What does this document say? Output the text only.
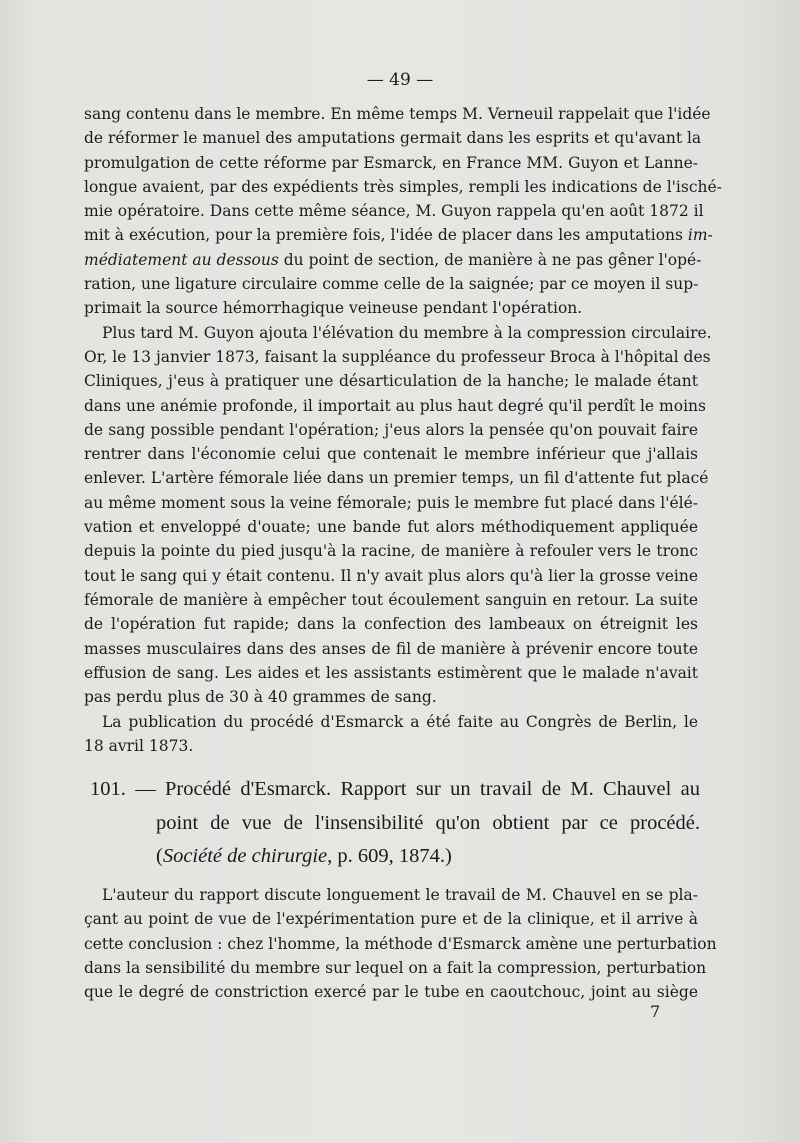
— 49 —
sang contenu dans le membre. En même temps M. Verneuil rappelait que l'idée
de réformer le manuel des amputations germait dans les esprits et qu'avant la
promulgation de cette réforme par Esmarck, en France MM. Guyon et Lanne-
longue avaient, par des expédients très simples, rempli les indications de l'isché-
mie opératoire. Dans cette même séance, M. Guyon rappela qu'en août 1872 il
mit à exécution, pour la première fois, l'idée de placer dans les amputations im-
médiatement au dessous du point de section, de manière à ne pas gêner l'opé-
ration, une ligature circulaire comme celle de la saignée; par ce moyen il sup-
primait la source hémorrhagique veineuse pendant l'opération.
Plus tard M. Guyon ajouta l'élévation du membre à la compression circulaire.
Or, le 13 janvier 1873, faisant la suppléance du professeur Broca à l'hôpital des
Cliniques, j'eus à pratiquer une désarticulation de la hanche; le malade étant
dans une anémie profonde, il importait au plus haut degré qu'il perdît le moins
de sang possible pendant l'opération; j'eus alors la pensée qu'on pouvait faire
rentrer dans l'économie celui que contenait le membre inférieur que j'allais
enlever. L'artère fémorale liée dans un premier temps, un fil d'attente fut placé
au même moment sous la veine fémorale; puis le membre fut placé dans l'élé-
vation et enveloppé d'ouate; une bande fut alors méthodiquement appliquée
depuis la pointe du pied jusqu'à la racine, de manière à refouler vers le tronc
tout le sang qui y était contenu. Il n'y avait plus alors qu'à lier la grosse veine
fémorale de manière à empêcher tout écoulement sanguin en retour. La suite
de l'opération fut rapide; dans la confection des lambeaux on étreignit les
masses musculaires dans des anses de fil de manière à prévenir encore toute
effusion de sang. Les aides et les assistants estimèrent que le malade n'avait
pas perdu plus de 30 à 40 grammes de sang.
La publication du procédé d'Esmarck a été faite au Congrès de Berlin, le
18 avril 1873.
101. — Procédé d'Esmarck. Rapport sur un travail de M. Chauvel au
point de vue de l'insensibilité qu'on obtient par ce procédé.
(Société de chirurgie, p. 609, 1874.)
L'auteur du rapport discute longuement le travail de M. Chauvel en se pla-
çant au point de vue de l'expérimentation pure et de la clinique, et il arrive à
cette conclusion : chez l'homme, la méthode d'Esmarck amène une perturbation
dans la sensibilité du membre sur lequel on a fait la compression, perturbation
que le degré de constriction exercé par le tube en caoutchouc, joint au siège
7
